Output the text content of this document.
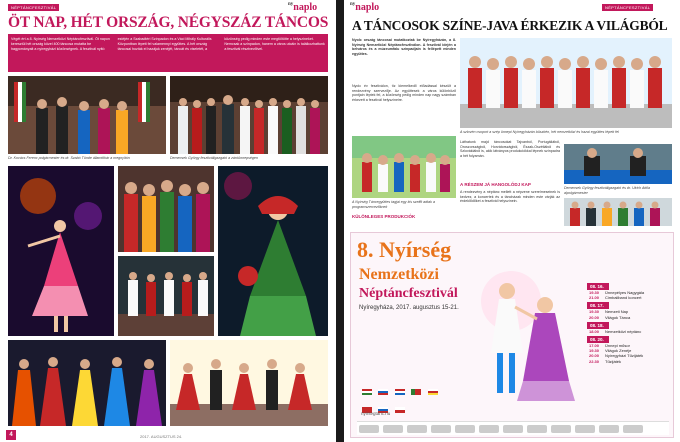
NÉPTÁNCFESZTIVÁL
$^{ny}$naplo
ÖT NAP, HÉT ORSZÁG, NÉGYSZÁZ TÁNCOS
Végét ért a 8. Nyírség Nemzetközi Néptáncfesztivál. Öt napon keresztül hét ország közel 400 táncosa mutatta be hagyományait a nyíregyházi közönségnek. A fesztivál nyitó estéjén a Szabadtéri Színpadon és a Váci Mihály Kulturális Központban lépett fel valamennyi együttes. A hét ország táncosai hozták el hazájuk zenéjét, táncát és viseletét, a közönség pedig minden este megtöltötte a helyszíneket. Nemcsak a színpadon, hanem a város utcáin is találkozhattunk a fesztivál résztvevőivel.
Dr. Kovács Ferenc polgármester és dr. Szabó Tünde államtitkár a megnyitón	Demecsek György fesztiváligazgató a záróünnepségen
4	2017. AUGUSZTUS 24.
$^{ny}$naplo	NÉPTÁNCFESZTIVÁL
A TÁNCOSOK SZÍNE-JAVA ÉRKEZIK A VILÁGBÓL
Nyolc ország táncosai mutatkoztak be Nyíregyházán, a 8. Nyírség Nemzetközi Néptáncfesztiválon. A fesztivál idején a belváros és a múzeumfalu színpadjain is fellépett minden együttes.
Nyolc év fesztiválon, tíz kiemelkedő előadással készült a rendezvény szervezője. Az együttesek a város különböző pontjain léptek fel, a közönség pedig minden nap nagy számban érkezett a fesztivál helyszíneire.
A szlovén csoport a szép ünnepi Nyíregyházán büszkén, hét nemzetközi és hazai együttes lépett fel
A Nyírség Táncegyüttes tagjai egy kis szelfit adtak a programszervezőknek
KÜLÖNLEGES PRODUKCIÓK
Láthatunk majd táncosokat Tajvanból, Portugáliából, Oroszországból, Horvátországból, Észak-Oszétiából és Szlovákiából is, akik látványos produkciókkal lépnek színpadra a hét folyamán.
A RÉSZEM JÁ HANGOLÓDJ KAP
A rendezvény a néptánc mellett a népzene szerelmeseinek is kedvez, a koncertek és a táncházak minden este várják az érdeklődőket a fesztivál helyszínein.
Demecsek György fesztiváligazgató és dr. Ulrich Attila alpolgármester
8. Nyírség
Nemzetközi
Néptáncfesztivál
Nyíregyháza, 2017. augusztus 15-21.

08. 16.
19.30 Ünnepélyes Nagygála
21.00 Cimbaliband koncert
08. 17.
19.30 Nemzeti Nap
20.00 Világok Tánca
08. 18.
18.00 Nemzetközi néptánc
08. 20.
17.00 Ünnepi műsor
19.30 Világok Zenéje
20.00 Nyíregyházi Tűzijáték
22.30 Tűzijáték
nyirsegtanc.hu
